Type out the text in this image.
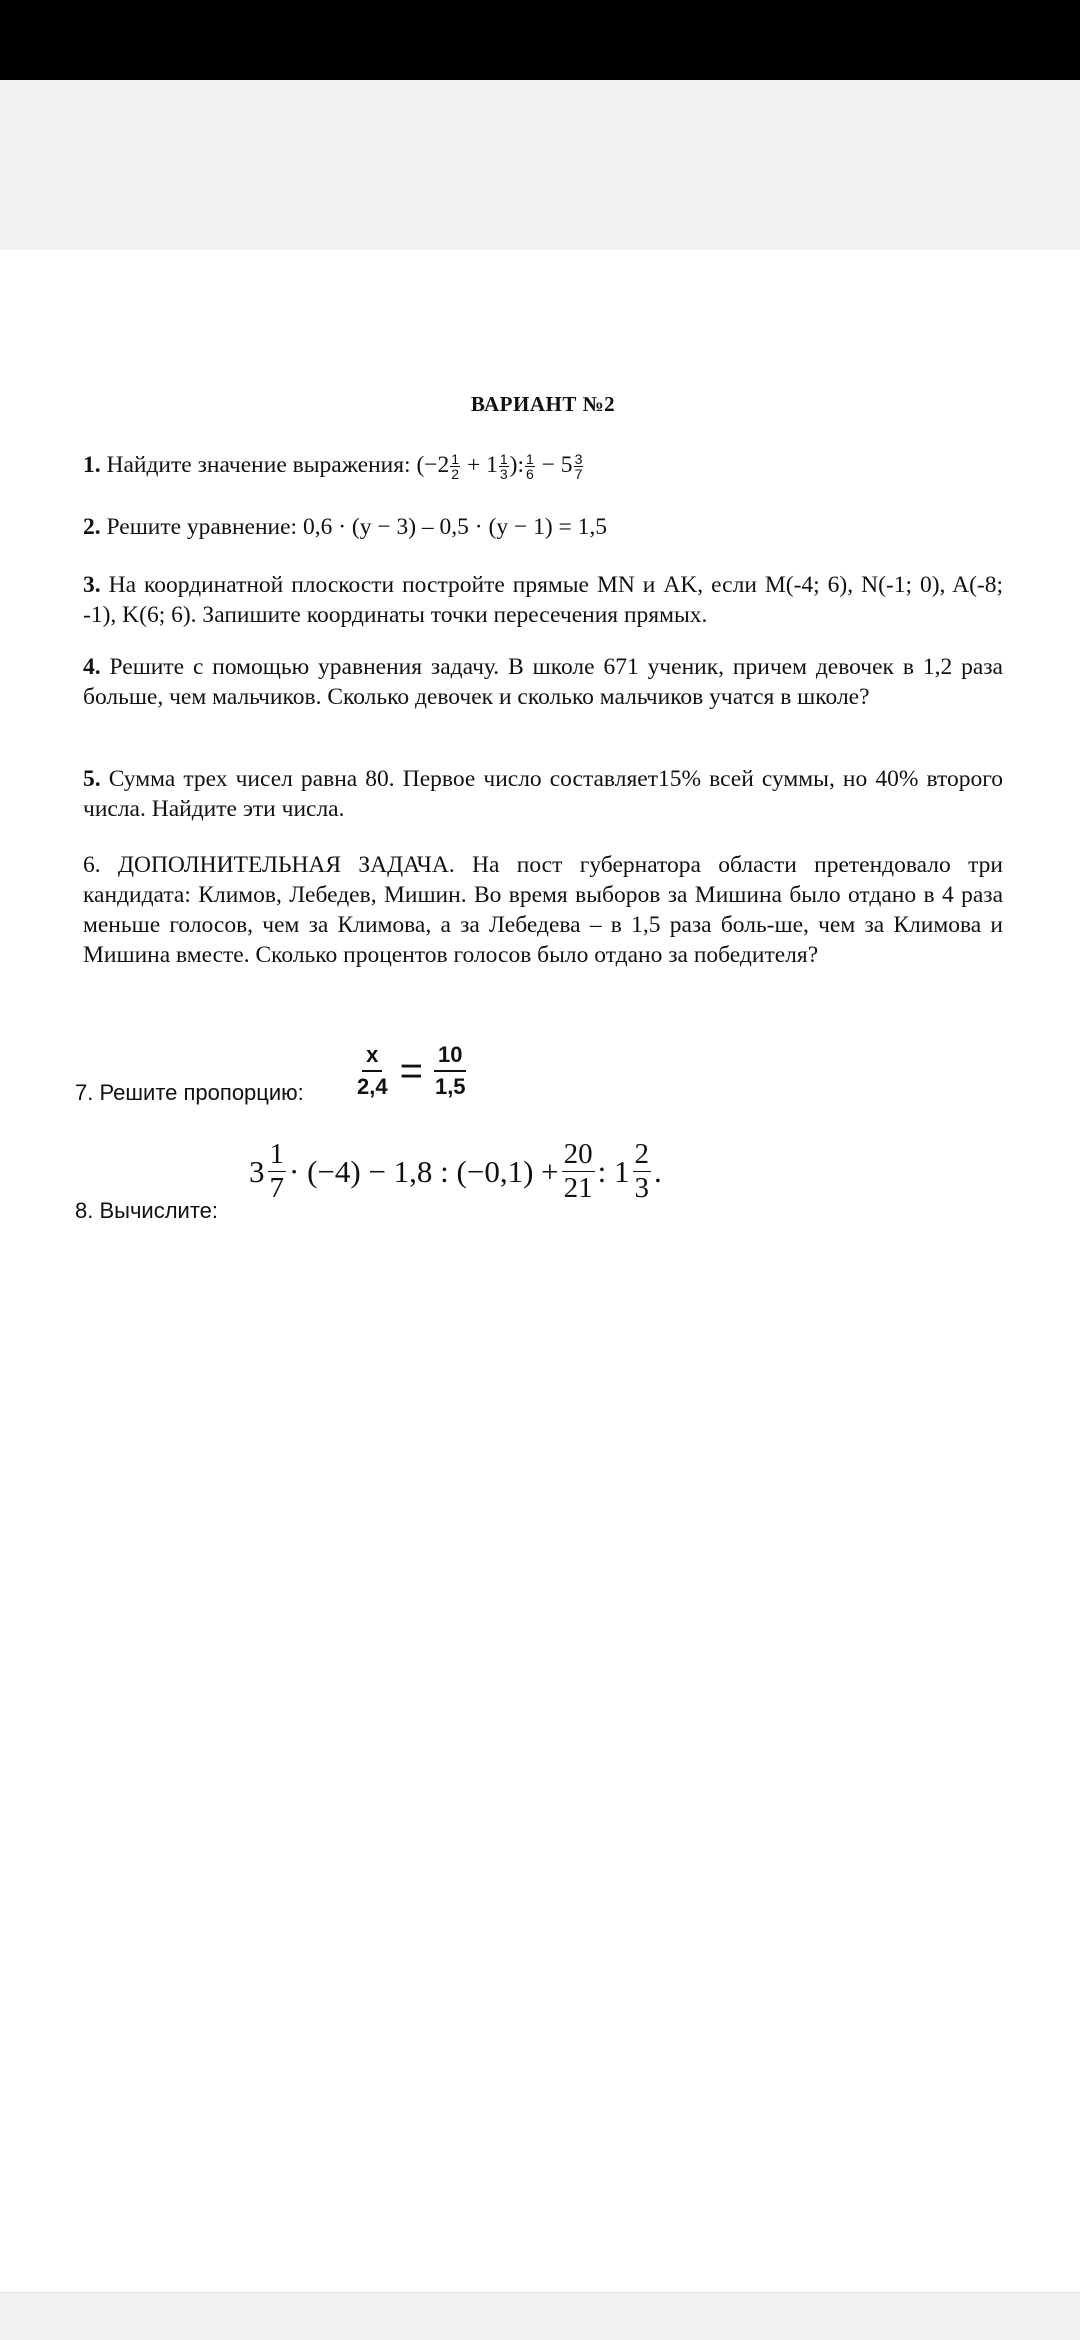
ВАРИАНТ №2
1. Найдите значение выражения: ($-2 \frac{1}{2} + 1 \frac{1}{3}$ ): $\frac{1}{6} - 5 \frac{3}{7}$
2. Решите уравнение: 0,6 · (y − 3) – 0,5 · (y − 1) = 1,5
3. На координатной плоскости постройте прямые MN и AK, если M(-4; 6), N(-1; 0), A(-8; -1), K(6; 6). Запишите координаты точки пересечения прямых.
4. Решите с помощью уравнения задачу. В школе 671 ученик, причем девочек в 1,2 раза больше, чем мальчиков. Сколько девочек и сколько мальчиков учатся в школе?
5. Сумма трех чисел равна 80. Первое число составляет15% всей суммы, но 40% второго числа. Найдите эти числа.
6. ДОПОЛНИТЕЛЬНАЯ ЗАДАЧА. На пост губернатора области претендовало три кандидата: Климов, Лебедев, Мишин. Во время выборов за Мишина было отдано в 4 раза меньше голосов, чем за Климова, а за Лебедева – в 1,5 раза боль-ше, чем за Климова и Мишина вместе. Сколько процентов голосов было отдано за победителя?
7. Решите пропорцию: $\frac{x}{2,4} = \frac{10}{1,5}$
8. Вычислите:
3 1
7 · (−4) − 1,8 : $(-0,1) + \frac{20}{21}$ : 1 2
3 .
